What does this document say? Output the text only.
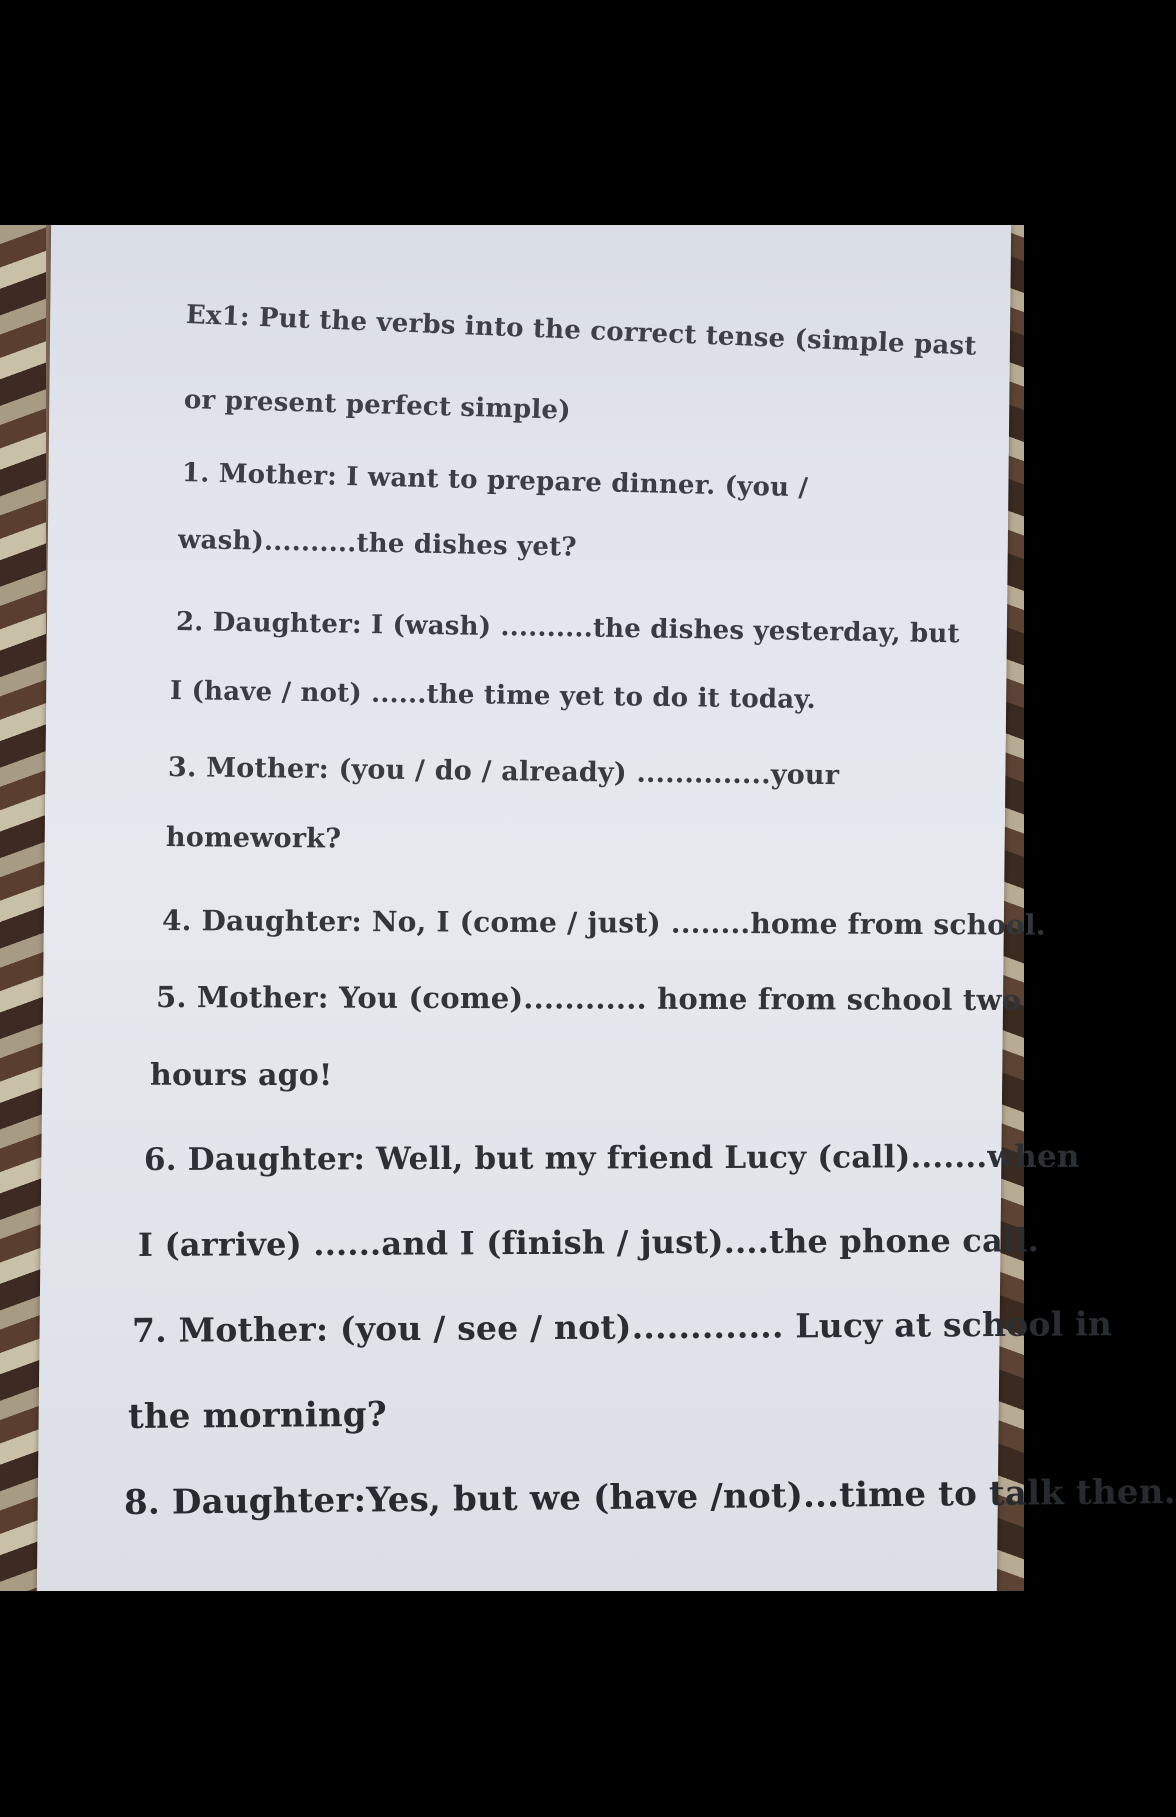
Ex1: Put the verbs into the correct tense (simple past
or present perfect simple)
1. Mother: I want to prepare dinner. (you /
wash)..........the dishes yet?
2. Daughter: I (wash) ..........the dishes yesterday, but
I (have / not) ......the time yet to do it today.
3. Mother: (you / do / already) ..............your
homework?
4. Daughter: No, I (come / just) ........home from school.
5. Mother: You (come)............ home from school two
hours ago!
6. Daughter: Well, but my friend Lucy (call).......when
I (arrive) ......and I (finish / just)....the phone call.
7. Mother: (you / see / not)............. Lucy at school in
the morning?
8. Daughter:Yes, but we (have /not)...time to talk then.
